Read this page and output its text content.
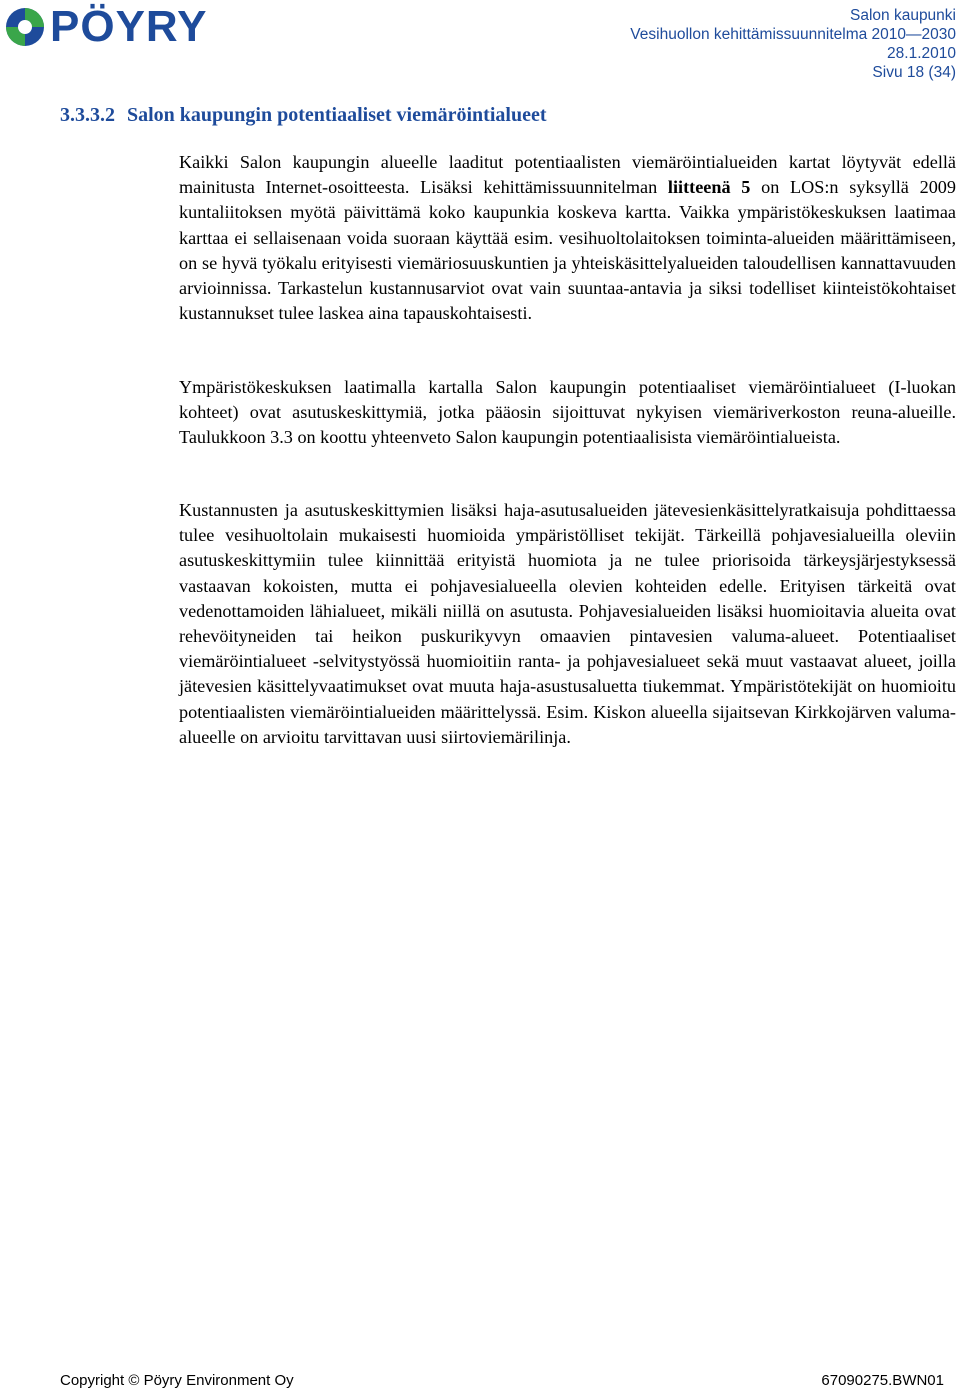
PÖYRY	Salon kaupunki
Vesihuollon kehittämissuunnitelma 2010—2030
28.1.2010
Sivu 18 (34)
3.3.3.2 Salon kaupungin potentiaaliset viemäröintialueet

Kaikki Salon kaupungin alueelle laaditut potentiaalisten viemäröintialueiden kartat löytyvät edellä mainitusta Internet-osoitteesta. Lisäksi kehittämissuunnitelman liitteenä 5 on LOS:n syksyllä 2009 kuntaliitoksen myötä päivittämä koko kaupunkia koskeva kartta. Vaikka ympäristökeskuksen laatimaa karttaa ei sellaisenaan voida suoraan käyttää esim. vesihuoltolaitoksen toiminta-alueiden määrittämiseen, on se hyvä työkalu erityisesti viemäriosuuskuntien ja yhteiskäsittelyalueiden taloudellisen kannattavuuden arvioinnissa. Tarkastelun kustannusarviot ovat vain suuntaa-antavia ja siksi todelliset kiinteistökohtaiset kustannukset tulee laskea aina tapauskohtaisesti.

Ympäristökeskuksen laatimalla kartalla Salon kaupungin potentiaaliset viemäröintialueet (I-luokan kohteet) ovat asutuskeskittymiä, jotka pääosin sijoittuvat nykyisen viemäriverkoston reuna-alueille. Taulukkoon 3.3 on koottu yhteenveto Salon kaupungin potentiaalisista viemäröintialueista.

Kustannusten ja asutuskeskittymien lisäksi haja-asutusalueiden jätevesienkäsittelyratkaisuja pohdittaessa tulee vesihuoltolain mukaisesti huomioida ympäristölliset tekijät. Tärkeillä pohjavesialueilla oleviin asutuskeskittymiin tulee kiinnittää erityistä huomiota ja ne tulee priorisoida tärkeysjärjestyksessä vastaavan kokoisten, mutta ei pohjavesialueella olevien kohteiden edelle. Erityisen tärkeitä ovat vedenottamoiden lähialueet, mikäli niillä on asutusta. Pohjavesialueiden lisäksi huomioitavia alueita ovat rehevöityneiden tai heikon puskurikyvyn omaavien pintavesien valuma-alueet. Potentiaaliset viemäröintialueet -selvitystyössä huomioitiin ranta- ja pohjavesialueet sekä muut vastaavat alueet, joilla jätevesien käsittelyvaatimukset ovat muuta haja-asustusaluetta tiukemmat. Ympäristötekijät on huomioitu potentiaalisten viemäröintialueiden määrittelyssä. Esim. Kiskon alueella sijaitsevan Kirkkojärven valuma-alueelle on arvioitu tarvittavan uusi siirtoviemärilinja.

Copyright © Pöyry Environment Oy	67090275.BWN01
